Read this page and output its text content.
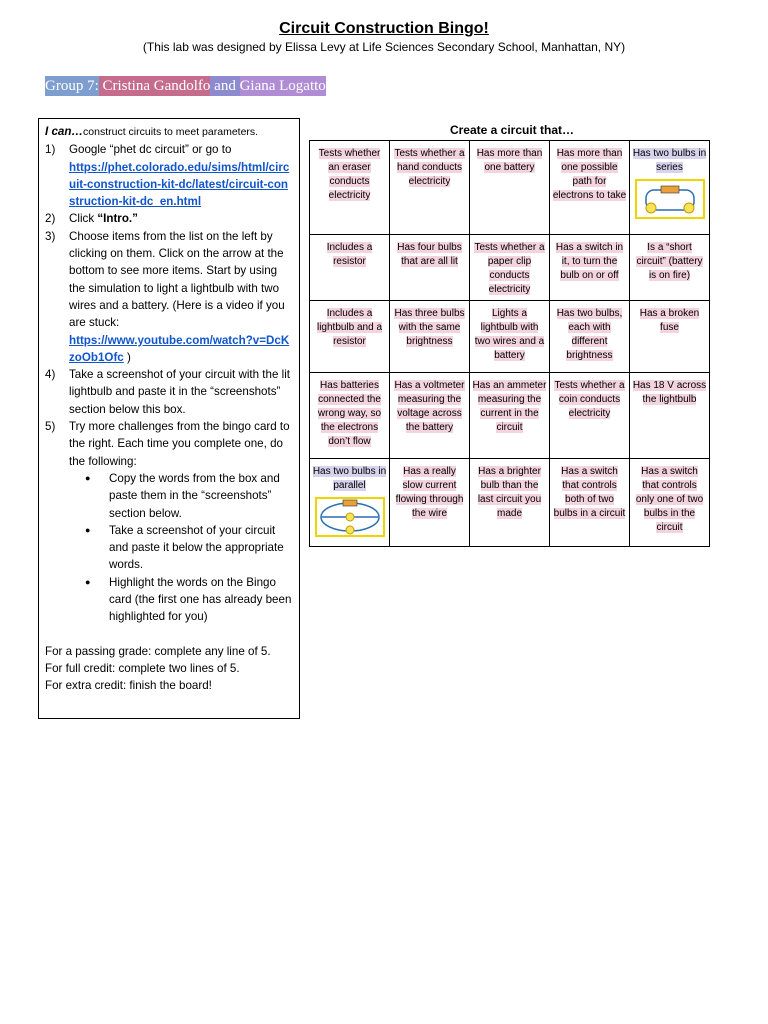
Circuit Construction Bingo!
(This lab was designed by Elissa Levy at Life Sciences Secondary School, Manhattan, NY)
Group 7: Cristina Gandolfo and Giana Logatto
I can…construct circuits to meet parameters.
1)	Google “phet dc circuit” or go to
https://phet.colorado.edu/sims/html/circuit-construction-kit-dc/latest/circuit-construction-kit-dc_en.html
2)	Click “Intro.”
3)	Choose items from the list on the left by clicking on them. Click on the arrow at the bottom to see more items. Start by using the simulation to light a lightbulb with two wires and a battery. (Here is a video if you are stuck:
https://www.youtube.com/watch?v=DcKzoOb1Ofc )
4)	Take a screenshot of your circuit with the lit lightbulb and paste it in the “screenshots” section below this box.
5)	Try more challenges from the bingo card to the right. Each time you complete one, do the following:
●	Copy the words from the box and paste them in the “screenshots” section below.
●	Take a screenshot of your circuit and paste it below the appropriate words.
●	Highlight the words on the Bingo card (the first one has already been highlighted for you)
For a passing grade: complete any line of 5.
For full credit: complete two lines of 5.
For extra credit: finish the board!
Create a circuit that…
Tests whether an eraser conducts electricity	Tests whether a hand conducts electricity	Has more than one battery	Has more than one possible path for electrons to take	Has two bulbs in series

Includes a resistor	Has four bulbs that are all lit	Tests whether a paper clip conducts electricity	Has a switch in it, to turn the bulb on or off	Is a “short circuit” (battery is on fire)
Includes a lightbulb and a resistor	Has three bulbs with the same brightness	Lights a lightbulb with two wires and a battery	Has two bulbs, each with different brightness	Has a broken fuse
Has batteries connected the wrong way, so the electrons don’t flow	Has a voltmeter measuring the voltage across the battery	Has an ammeter measuring the current in the circuit	Tests whether a coin conducts electricity	Has 18 V across the lightbulb
Has two bulbs in parallel	Has a really slow current flowing through the wire	Has a brighter bulb than the last circuit you made	Has a switch that controls both of two bulbs in a circuit	Has a switch that controls only one of two bulbs in the circuit
